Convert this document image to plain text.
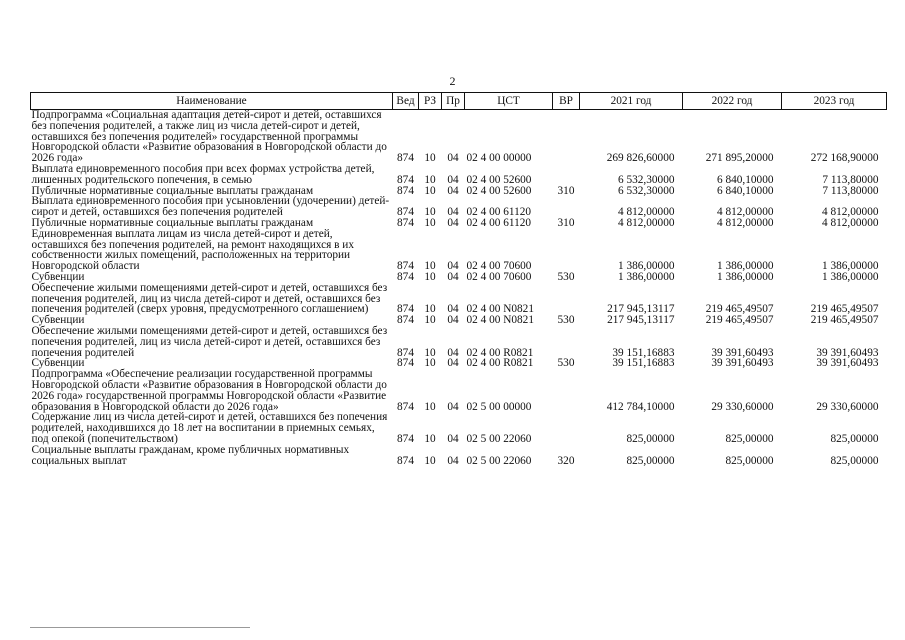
2
Наименование	Вед	РЗ	Пр	ЦСТ	ВР	2021 год	2022 год	2023 год
Подпрограмма «Социальная адаптация детей-сирот и детей, оставшихся без попечения родителей, а также лиц из числа детей-сирот и детей, оставшихся без попечения родителей» государственной программы Новгородской области «Развитие образования в Новгородской области до 2026 года»	874	10	04	02 4 00 00000		269 826,60000	271 895,20000	272 168,90000
Выплата единовременного пособия при всех формах устройства детей, лишенных родительского попечения, в семью	874	10	04	02 4 00 52600		6 532,30000	6 840,10000	7 113,80000
Публичные нормативные социальные выплаты гражданам	874	10	04	02 4 00 52600	310	6 532,30000	6 840,10000	7 113,80000
Выплата единовременного пособия при усыновлении (удочерении) детей-сирот и детей, оставшихся без попечения родителей	874	10	04	02 4 00 61120		4 812,00000	4 812,00000	4 812,00000
Публичные нормативные социальные выплаты гражданам	874	10	04	02 4 00 61120	310	4 812,00000	4 812,00000	4 812,00000
Единовременная выплата лицам из числа детей-сирот и детей, оставшихся без попечения родителей, на ремонт находящихся в их собственности жилых помещений, расположенных на территории Новгородской области	874	10	04	02 4 00 70600		1 386,00000	1 386,00000	1 386,00000
Субвенции	874	10	04	02 4 00 70600	530	1 386,00000	1 386,00000	1 386,00000
Обеспечение жилыми помещениями детей-сирот и детей, оставшихся без попечения родителей, лиц из числа детей-сирот и детей, оставшихся без попечения родителей (сверх уровня, предусмотренного соглашением)	874	10	04	02 4 00 N0821		217 945,13117	219 465,49507	219 465,49507
Субвенции	874	10	04	02 4 00 N0821	530	217 945,13117	219 465,49507	219 465,49507
Обеспечение жилыми помещениями детей-сирот и детей, оставшихся без попечения родителей, лиц из числа детей-сирот и детей, оставшихся без попечения родителей	874	10	04	02 4 00 R0821		39 151,16883	39 391,60493	39 391,60493
Субвенции	874	10	04	02 4 00 R0821	530	39 151,16883	39 391,60493	39 391,60493
Подпрограмма «Обеспечение реализации государственной программы Новгородской области «Развитие образования в Новгородской области до 2026 года» государственной программы Новгородской области «Развитие образования в Новгородской области до 2026 года»	874	10	04	02 5 00 00000		412 784,10000	29 330,60000	29 330,60000
Содержание лиц из числа детей-сирот и детей, оставшихся без попечения родителей, находившихся до 18 лет на воспитании в приемных семьях, под опекой (попечительством)	874	10	04	02 5 00 22060		825,00000	825,00000	825,00000
Социальные выплаты гражданам, кроме публичных нормативных социальных выплат	874	10	04	02 5 00 22060	320	825,00000	825,00000	825,00000
